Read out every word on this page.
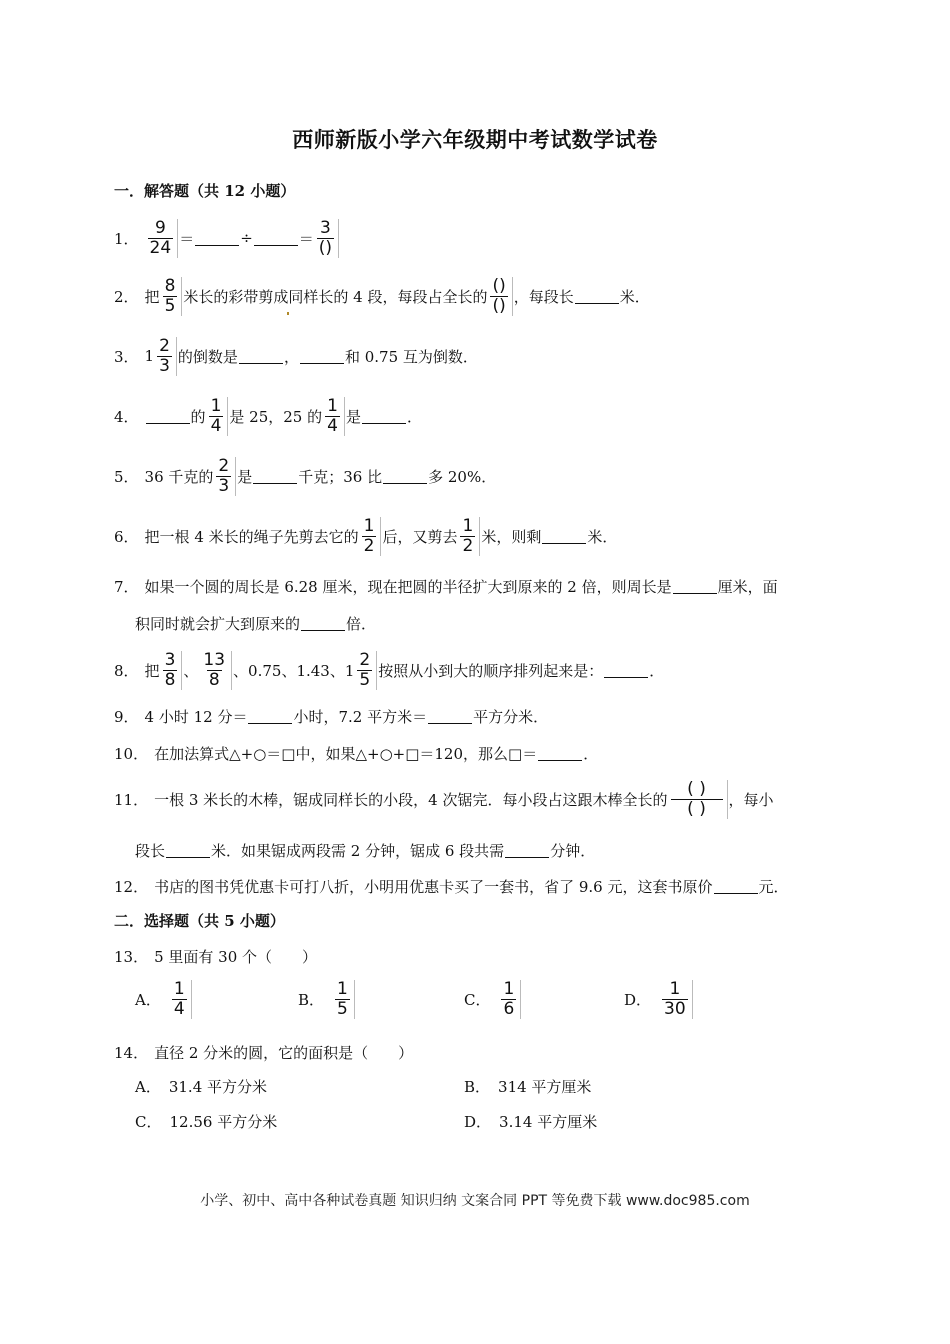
西师新版小学六年级期中考试数学试卷
一．解答题（共 12 小题）
1． $\frac{9}{24}$ ＝	÷	＝ $\frac{3}{()}$
2． 把 $\frac{8}{5}$ 米长的彩带剪成同样长的 4 段，每段占全长的 $\frac{()}{()}$ ，每段长	米．
3． $1 \frac{2}{3}$ 的倒数是	，	和 0.75 互为倒数．
4．	的 $\frac{1}{4}$ 是 25，25 的 $\frac{1}{4}$ 是	．
5． 36 千克的 $\frac{2}{3}$ 是	千克；36 比	多 20%．
6． 把一根 4 米长的绳子先剪去它的 $\frac{1}{2}$ 后，又剪去 $\frac{1}{2}$ 米，则剩	米．
7． 如果一个圆的周长是 6.28 厘米，现在把圆的半径扩大到原来的 2 倍，则周长是	厘米，面
积同时就会扩大到原来的	倍．
8． 把 $\frac{3}{8}$ 、 $\frac{13}{8}$ 、0.75、1.43、$1 \frac{2}{5}$ 按照从小到大的顺序排列起来是：	．
9． 4 小时 12 分＝	小时，7.2 平方米＝	平方分米．
10． 在加法算式△+○＝□中，如果△+○+□＝120，那么□＝	．
11． 一根 3 米长的木棒，锯成同样长的小段，4 次锯完．每小段占这跟木棒全长的 $\frac{( )}{( )}$ ，每小
段长	米．如果锯成两段需 2 分钟，锯成 6 段共需	分钟．
12． 书店的图书凭优惠卡可打八折，小明用优惠卡买了一套书，省了 9.6 元，这套书原价	元．
二．选择题（共 5 小题）
13． 5 里面有 30 个（　　）
A． $\frac{1}{4}$	B． $\frac{1}{5}$	C． $\frac{1}{6}$	D． $\frac{1}{30}$
14． 直径 2 分米的圆，它的面积是（　　）
A． 31.4 平方分米	B． 314 平方厘米
C． 12.56 平方分米	D． 3.14 平方厘米
小学、初中、高中各种试卷真题 知识归纳 文案合同 PPT 等免费下载 www.doc985.com
